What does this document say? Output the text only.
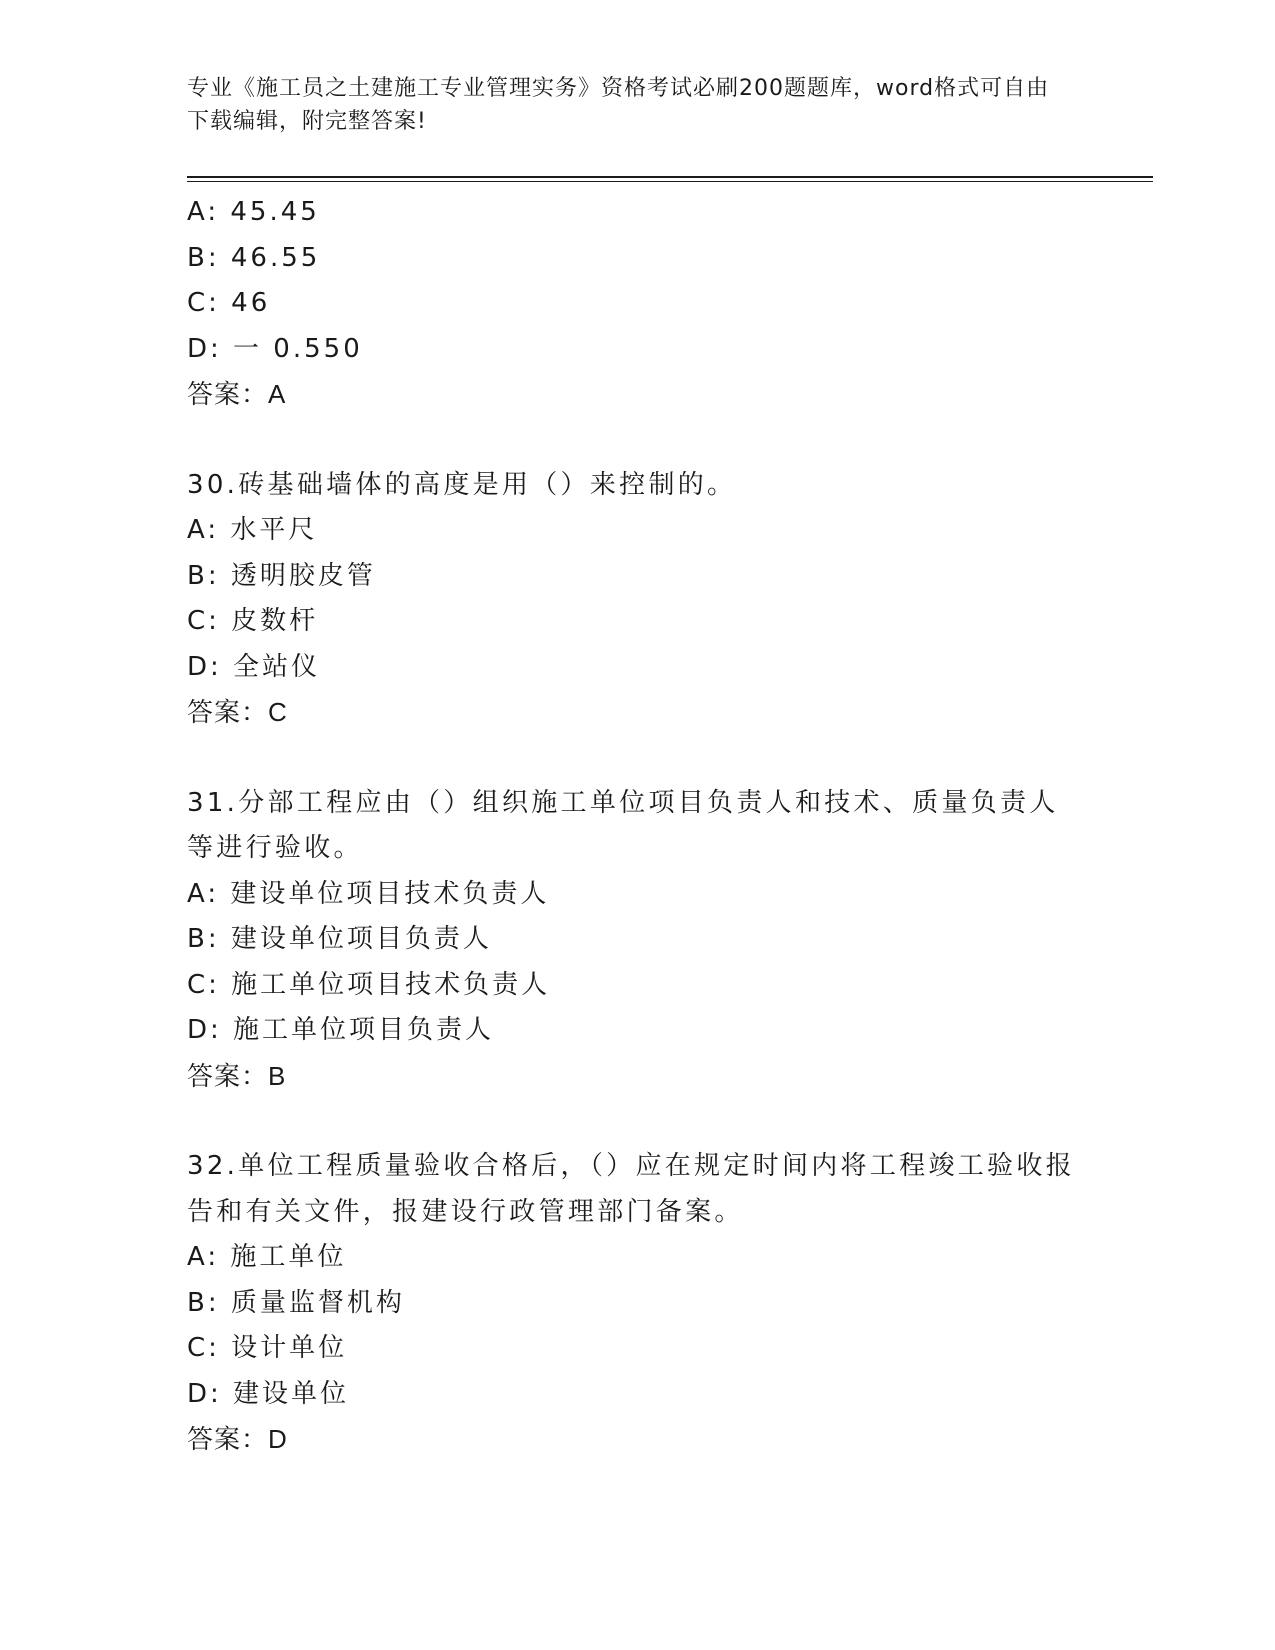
专业《施工员之土建施工专业管理实务》资格考试必刷200题题库，word格式可自由下载编辑，附完整答案!
A: 45.45
B: 46.55
C: 46
D: 一 0.550
答案：A
30.砖基础墙体的高度是用（）来控制的。
A: 水平尺
B: 透明胶皮管
C: 皮数杆
D: 全站仪
答案：C
31.分部工程应由（）组织施工单位项目负责人和技术、质量负责人等进行验收。
A: 建设单位项目技术负责人
B: 建设单位项目负责人
C: 施工单位项目技术负责人
D: 施工单位项目负责人
答案：B
32.单位工程质量验收合格后，（）应在规定时间内将工程竣工验收报告和有关文件，报建设行政管理部门备案。
A: 施工单位
B: 质量监督机构
C: 设计单位
D: 建设单位
答案：D
